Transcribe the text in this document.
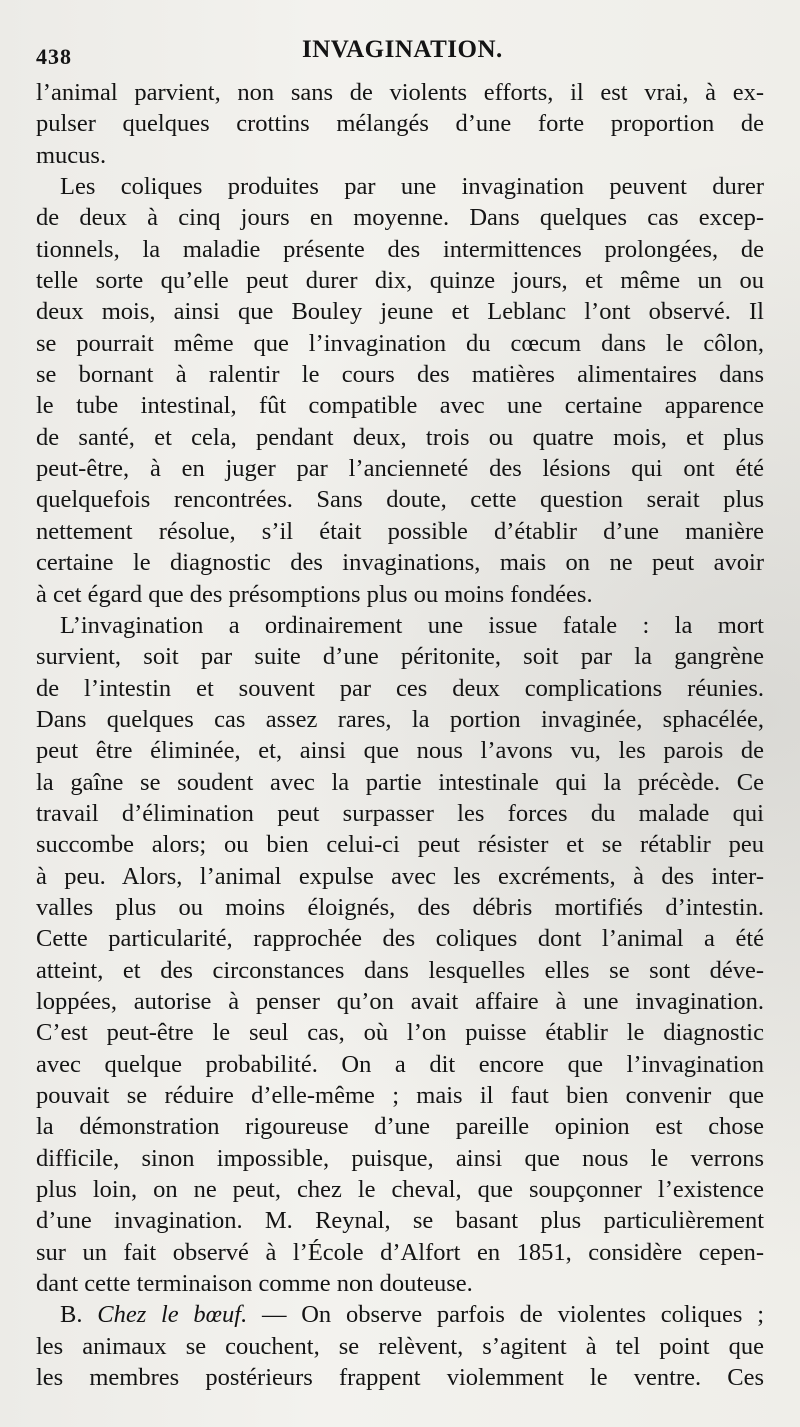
438	INVAGINATION.
l’animal parvient, non sans de violents efforts, il est vrai, à ex-
pulser quelques crottins mélangés d’une forte proportion de
mucus.
Les coliques produites par une invagination peuvent durer
de deux à cinq jours en moyenne. Dans quelques cas excep-
tionnels, la maladie présente des intermittences prolongées, de
telle sorte qu’elle peut durer dix, quinze jours, et même un ou
deux mois, ainsi que Bouley jeune et Leblanc l’ont observé. Il
se pourrait même que l’invagination du cœcum dans le côlon,
se bornant à ralentir le cours des matières alimentaires dans
le tube intestinal, fût compatible avec une certaine apparence
de santé, et cela, pendant deux, trois ou quatre mois, et plus
peut-être, à en juger par l’ancienneté des lésions qui ont été
quelquefois rencontrées. Sans doute, cette question serait plus
nettement résolue, s’il était possible d’établir d’une manière
certaine le diagnostic des invaginations, mais on ne peut avoir
à cet égard que des présomptions plus ou moins fondées.
L’invagination a ordinairement une issue fatale : la mort
survient, soit par suite d’une péritonite, soit par la gangrène
de l’intestin et souvent par ces deux complications réunies.
Dans quelques cas assez rares, la portion invaginée, sphacélée,
peut être éliminée, et, ainsi que nous l’avons vu, les parois de
la gaîne se soudent avec la partie intestinale qui la précède. Ce
travail d’élimination peut surpasser les forces du malade qui
succombe alors; ou bien celui-ci peut résister et se rétablir peu
à peu. Alors, l’animal expulse avec les excréments, à des inter-
valles plus ou moins éloignés, des débris mortifiés d’intestin.
Cette particularité, rapprochée des coliques dont l’animal a été
atteint, et des circonstances dans lesquelles elles se sont déve-
loppées, autorise à penser qu’on avait affaire à une invagination.
C’est peut-être le seul cas, où l’on puisse établir le diagnostic
avec quelque probabilité. On a dit encore que l’invagination
pouvait se réduire d’elle-même ; mais il faut bien convenir que
la démonstration rigoureuse d’une pareille opinion est chose
difficile, sinon impossible, puisque, ainsi que nous le verrons
plus loin, on ne peut, chez le cheval, que soupçonner l’existence
d’une invagination. M. Reynal, se basant plus particulièrement
sur un fait observé à l’École d’Alfort en 1851, considère cepen-
dant cette terminaison comme non douteuse.
B. Chez le bœuf. — On observe parfois de violentes coliques ;
les animaux se couchent, se relèvent, s’agitent à tel point que
les membres postérieurs frappent violemment le ventre. Ces
